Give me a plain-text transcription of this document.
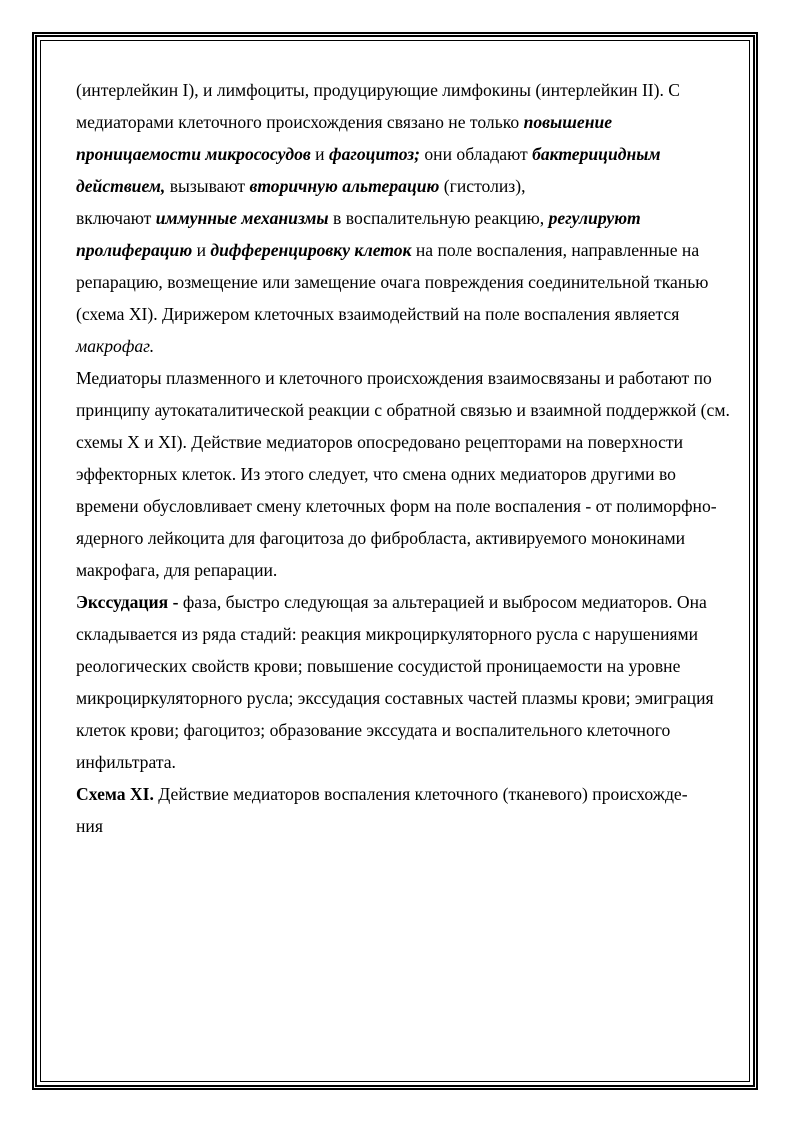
(интерлейкин I), и лимфоциты, продуцирующие лимфокины (интерлейкин II). С медиаторами клеточного происхождения связано не только повышение проницаемости микрососудов и фагоцитоз; они обладают бактерицидным действием, вызывают вторичную альтерацию (гистолиз),

включают иммунные механизмы в воспалительную реакцию, регулируют пролиферацию и дифференцировку клеток на поле воспаления, направленные на репарацию, возмещение или замещение очага повреждения соединительной тканью (схема XI). Дирижером клеточных взаимодействий на поле воспаления является макрофаг.

Медиаторы плазменного и клеточного происхождения взаимосвязаны и работают по принципу аутокаталитической реакции с обратной связью и взаимной поддержкой (см. схемы X и XI). Действие медиаторов опосредовано рецепторами на поверхности эффекторных клеток. Из этого следует, что смена одних медиаторов другими во времени обусловливает смену клеточных форм на поле воспаления - от полиморфно-ядерного лейкоцита для фагоцитоза до фибробласта, активируемого монокинами макрофага, для репарации.

Экссудация - фаза, быстро следующая за альтерацией и выбросом медиаторов. Она складывается из ряда стадий: реакция микроциркуляторного русла с нарушениями реологических свойств крови; повышение сосудистой проницаемости на уровне микроциркуляторного русла; экссудация составных частей плазмы крови; эмиграция клеток крови; фагоцитоз; образование экссудата и воспалительного клеточного инфильтрата.

Схема XI. Действие медиаторов воспаления клеточного (тканевого) происхожде-

ния
